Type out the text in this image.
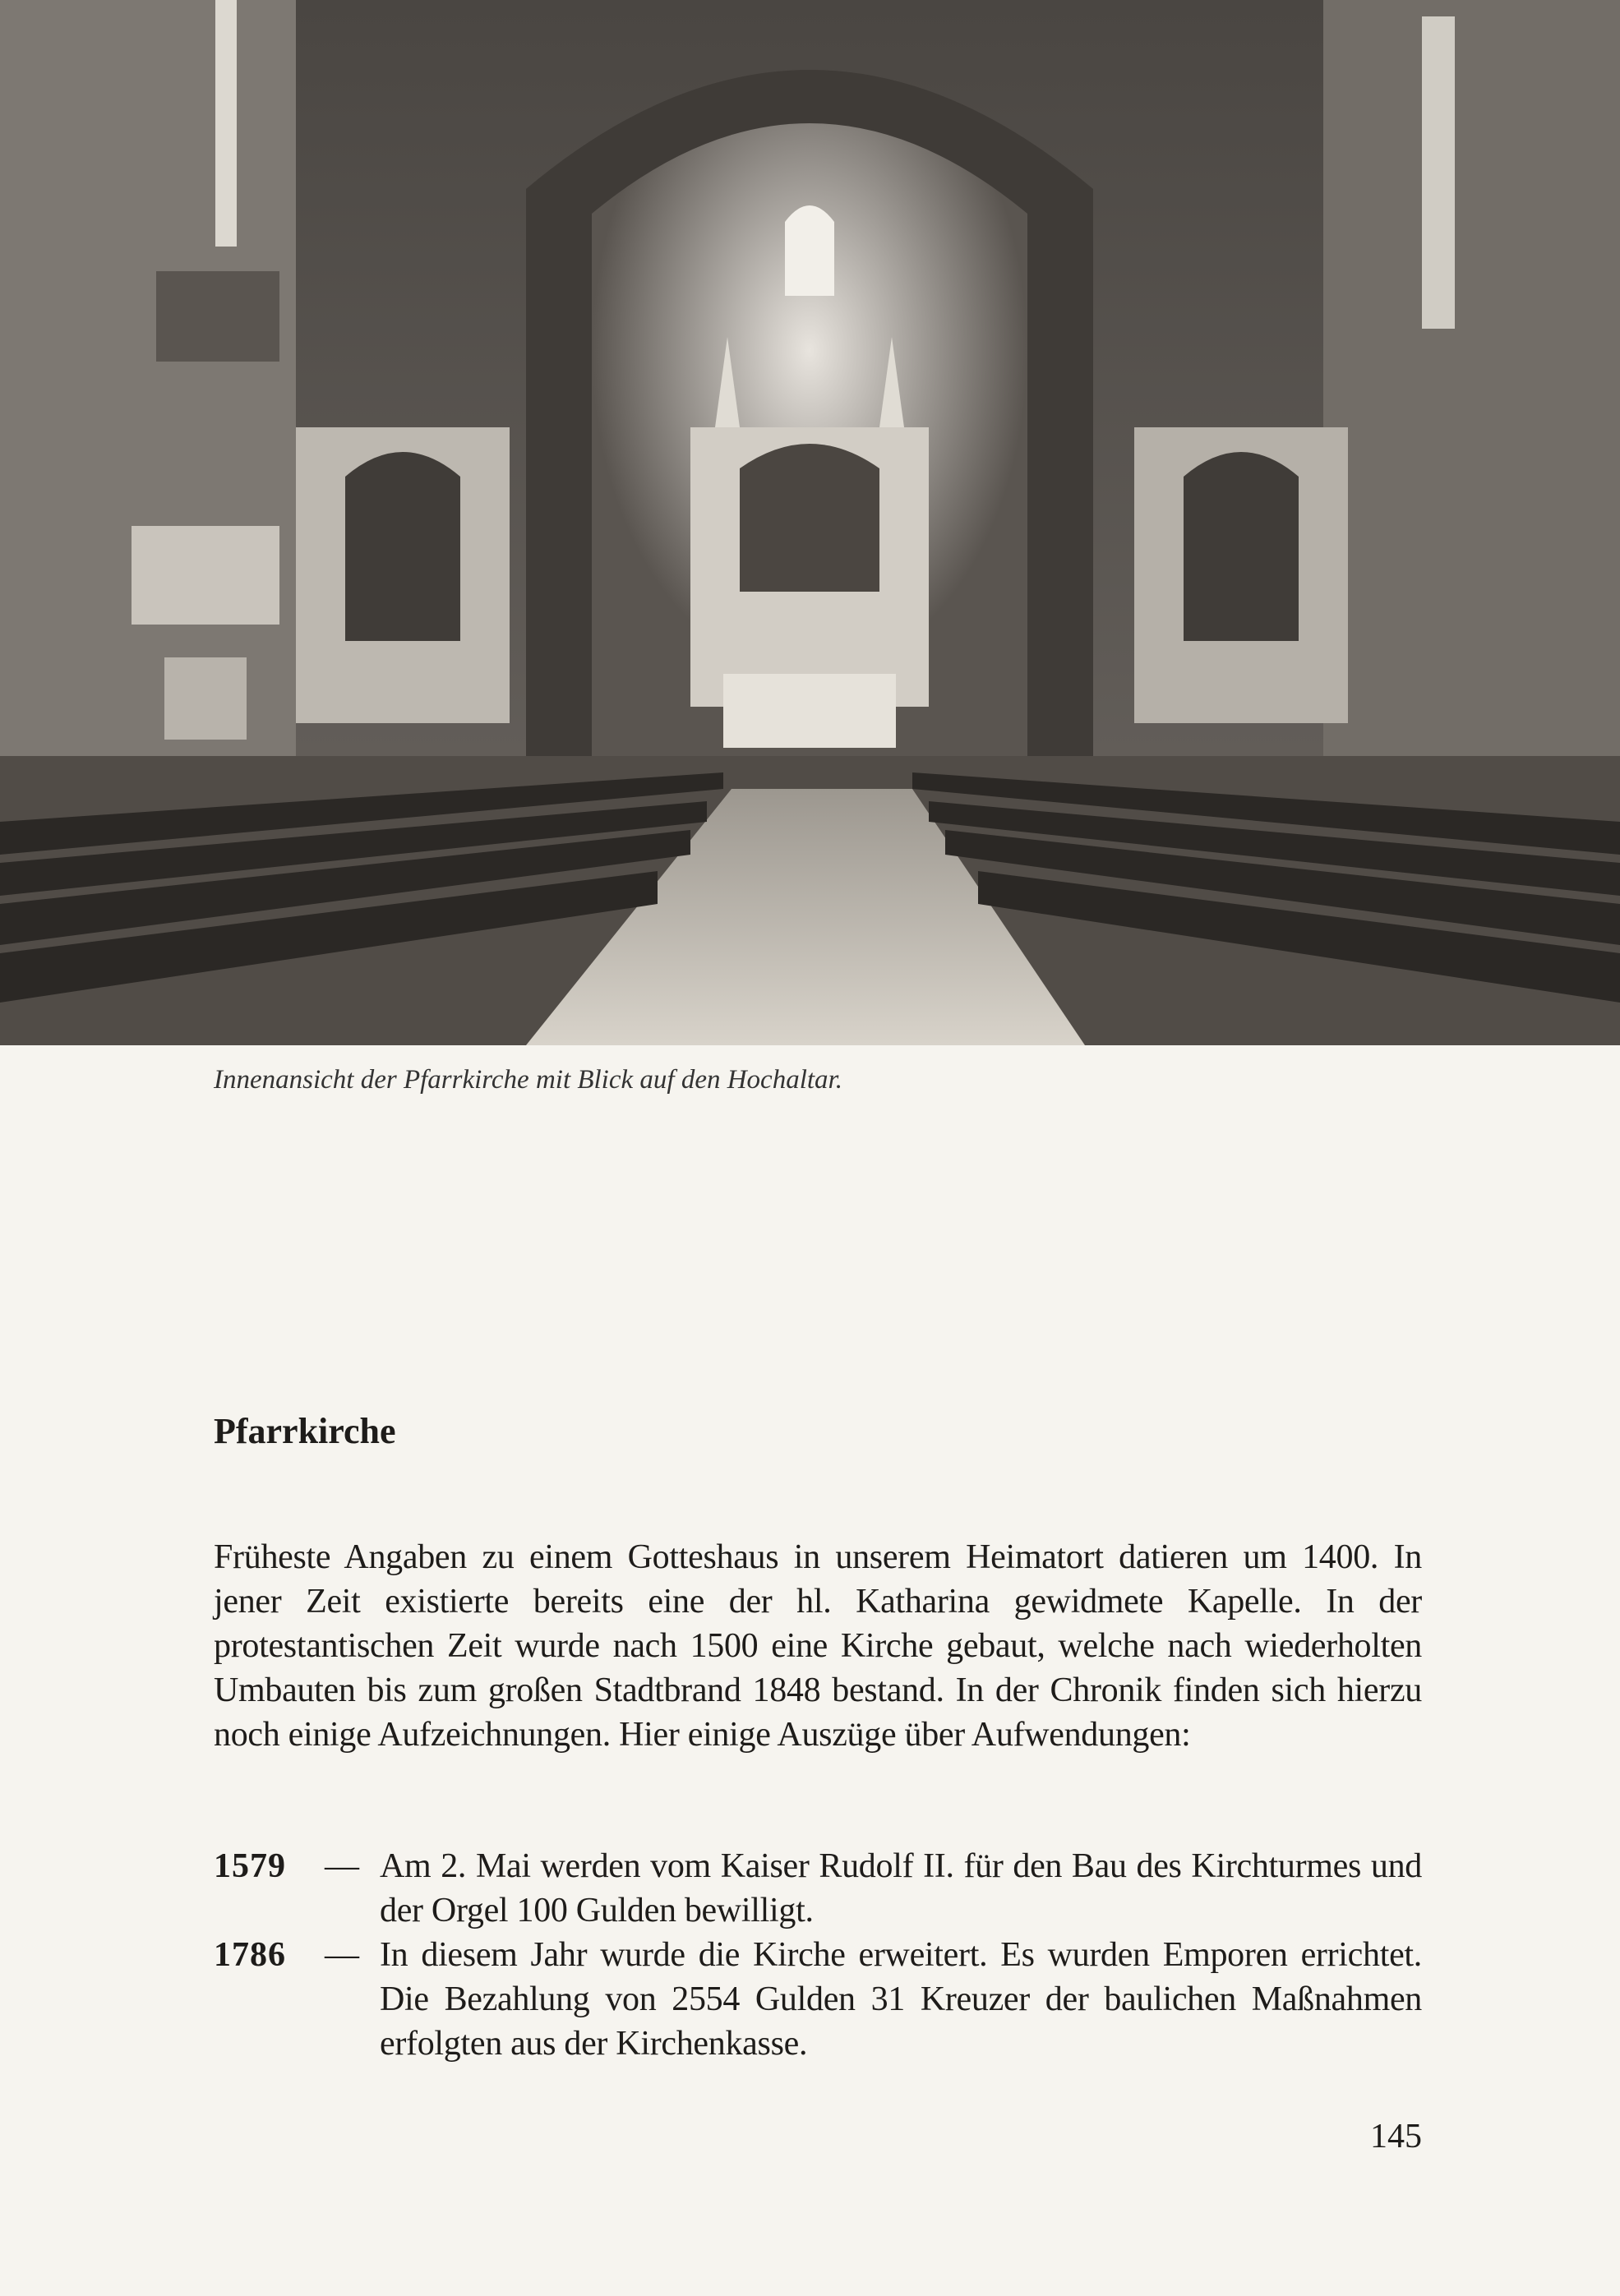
Innenansicht der Pfarrkirche mit Blick auf den Hochaltar.
Pfarrkirche
Früheste Angaben zu einem Gotteshaus in unserem Heimatort datieren um 1400. In jener Zeit existierte bereits eine der hl. Katharina gewidmete Kapelle. In der protestantischen Zeit wurde nach 1500 eine Kirche gebaut, welche nach wiederholten Umbauten bis zum großen Stadtbrand 1848 bestand. In der Chronik finden sich hierzu noch einige Aufzeichnungen. Hier einige Auszüge über Aufwendungen:
1579	— Am 2. Mai werden vom Kaiser Rudolf II. für den Bau des Kirchturmes und der Orgel 100 Gulden bewilligt.
1786	— In diesem Jahr wurde die Kirche erweitert. Es wurden Emporen errichtet. Die Bezahlung von 2554 Gulden 31 Kreuzer der baulichen Maßnahmen erfolgten aus der Kirchenkasse.
145
